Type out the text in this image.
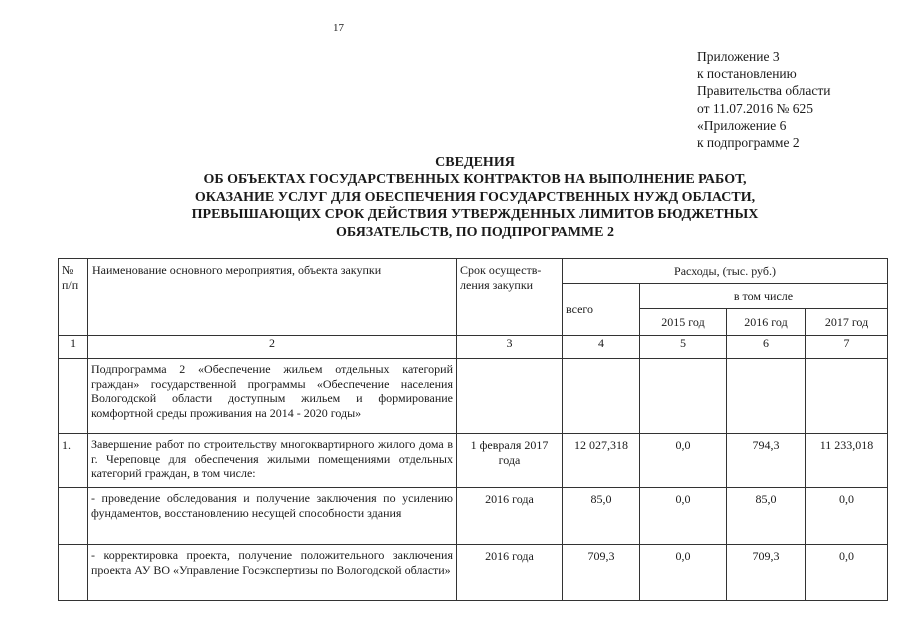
17
Приложение 3
к постановлению
Правительства области
от 11.07.2016 № 625
«Приложение 6
к подпрограмме 2
СВЕДЕНИЯ
ОБ ОБЪЕКТАХ ГОСУДАРСТВЕННЫХ КОНТРАКТОВ НА ВЫПОЛНЕНИЕ РАБОТ,
ОКАЗАНИЕ УСЛУГ ДЛЯ ОБЕСПЕЧЕНИЯ ГОСУДАРСТВЕННЫХ НУЖД ОБЛАСТИ,
ПРЕВЫШАЮЩИХ СРОК ДЕЙСТВИЯ УТВЕРЖДЕННЫХ ЛИМИТОВ БЮДЖЕТНЫХ
ОБЯЗАТЕЛЬСТВ, ПО ПОДПРОГРАММЕ 2
№ п/п	Наименование основного мероприятия, объекта закупки	Срок осуществ-ления закупки	Расходы, (тыс. руб.)			
			всего	в том числе		
				2015 год	2016 год	2017 год
1	2	3	4	5	6	7
	Подпрограмма 2 «Обеспечение жильем отдельных категорий граждан» государственной программы «Обеспечение населения Вологодской области доступным жильем и формирование комфортной среды проживания на 2014 - 2020 годы»					
1.	Завершение работ по строительству многоквартирного жилого дома в г. Череповце для обеспечения жилыми помещениями отдельных категорий граждан, в том числе:	1 февраля 2017 года	12 027,318	0,0	794,3	11 233,018
	- проведение обследования и получение заключения по усилению фундаментов, восстановлению несущей способности здания	2016 года	85,0	0,0	85,0	0,0
	- корректировка проекта, получение положительного заключения проекта АУ ВО «Управление Госэкспертизы по Вологодской области»	2016 года	709,3	0,0	709,3	0,0
